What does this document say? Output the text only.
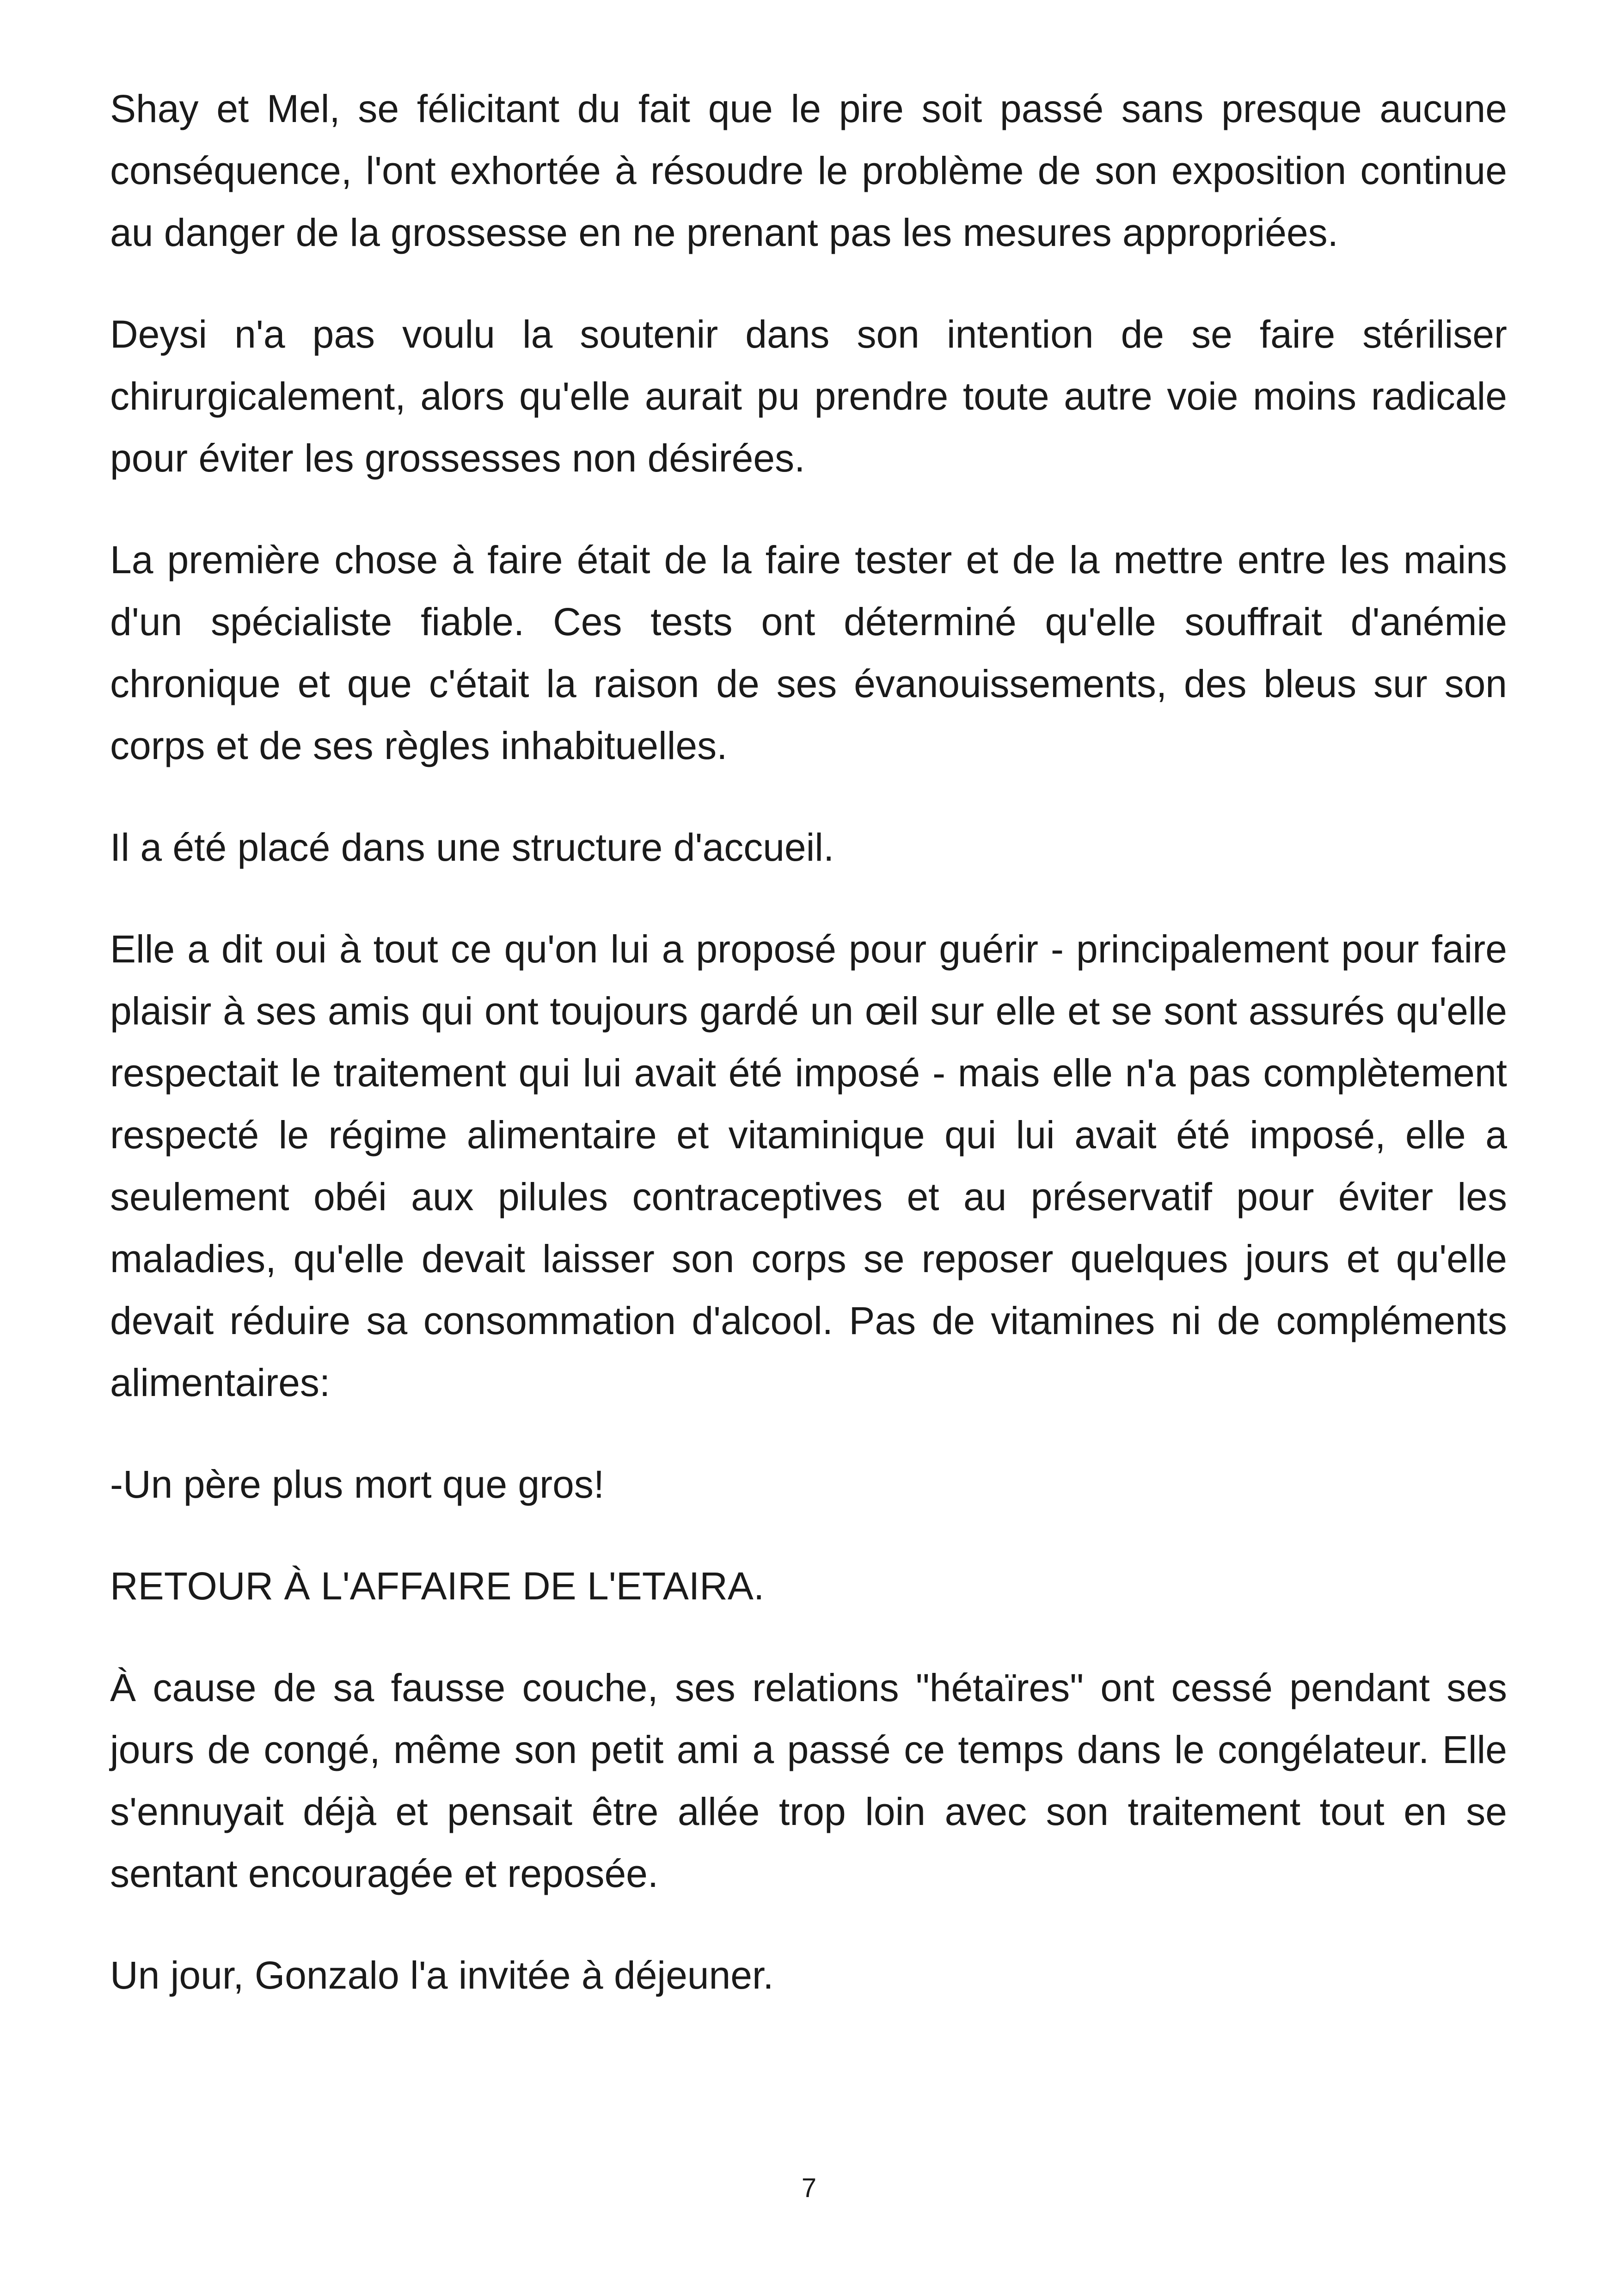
Shay et Mel, se félicitant du fait que le pire soit passé sans presque aucune conséquence, l'ont exhortée à résoudre le problème de son exposition continue au danger de la grossesse en ne prenant pas les mesures appropriées.

Deysi n'a pas voulu la soutenir dans son intention de se faire stériliser chirurgicalement, alors qu'elle aurait pu prendre toute autre voie moins radicale pour éviter les grossesses non désirées.

La première chose à faire était de la faire tester et de la mettre entre les mains d'un spécialiste fiable. Ces tests ont déterminé qu'elle souffrait d'anémie chronique et que c'était la raison de ses évanouissements, des bleus sur son corps et de ses règles inhabituelles.

Il a été placé dans une structure d'accueil.

Elle a dit oui à tout ce qu'on lui a proposé pour guérir - principalement pour faire plaisir à ses amis qui ont toujours gardé un œil sur elle et se sont assurés qu'elle respectait le traitement qui lui avait été imposé - mais elle n'a pas complètement respecté le régime alimentaire et vitaminique qui lui avait été imposé, elle a seulement obéi aux pilules contraceptives et au préservatif pour éviter les maladies, qu'elle devait laisser son corps se reposer quelques jours et qu'elle devait réduire sa consommation d'alcool. Pas de vitamines ni de compléments alimentaires:

-Un père plus mort que gros!

RETOUR À L'AFFAIRE DE L'ETAIRA.

À cause de sa fausse couche, ses relations "hétaïres" ont cessé pendant ses jours de congé, même son petit ami a passé ce temps dans le congélateur. Elle s'ennuyait déjà et pensait être allée trop loin avec son traitement tout en se sentant encouragée et reposée.

Un jour, Gonzalo l'a invitée à déjeuner.

7
